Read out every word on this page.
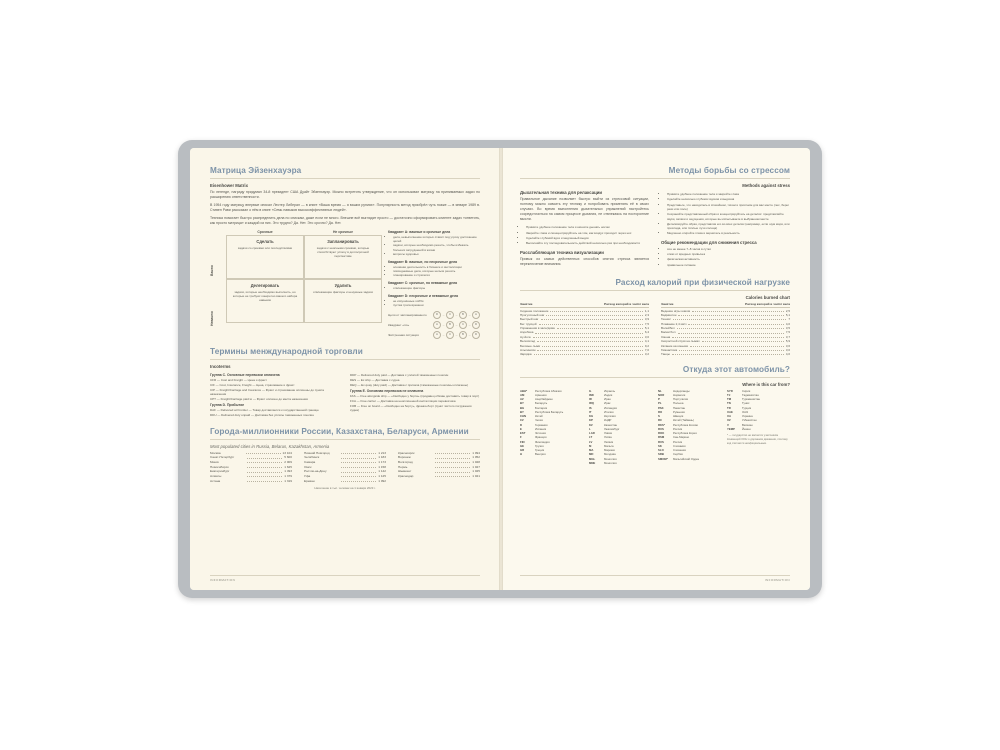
Матрица Эйзенхауэра
Eisenhower Matrix

По легенде, награду придумал 34-й президент США Дуайт Эйзенхауэр. Можно встретить утверждение, что он использовал матрицу на принимаемых задач по расширению ответственности.

В 1954 году матрицу впервые описал Лестер Либерал — в книге «Ваша время — я ваших рупиях». Популярность метод приобрёл чуть позже — в январе 1989 в. Стивен Рави рассказал о нём в книге «Семь навыков высокоэффективных людей».

Техника помогает быстро распределить дела по спискам, даже если не много. Внешне всё выглядит просто — достаточно сформировать клиенте задач «ответить, как просто матрица» и каждой из них. Это трудно? Да. Нет. Это срочно? Да. Нет.

Важно
Неважно
Срочные	Не срочные
Сделать
задачи со сроками или последствиями
Запланировать
задачи с неясными сроками, которые способствуют успеху в долгосрочной перспективе
Делегировать
задачи, которые необходимо выполнить, но которые не требуют конкретно вашего набора навыков
Удалить
отвлекающие факторы и ненужные задачи
Квадрант A: важные и срочные дела
• дела, невыполнение которых ставит под угрозу достижение целей
• задачи, которые необходимо решить, чтобы избежать больших затруднений в жизни
• вопросы здоровья
Квадрант B: важные, но несрочные дела
• основная деятельность в бизнесе и инсталляции
• повседневные дела, которые нельзя решить
• планирование и стратегия
Квадрант C: срочные, но неважные дела
• отвлекающие факторы
Квадрант D: несрочные и неважные дела
• не искушённые хобби
• пустая трата времени
Цели от запланированного	D	→	C	→	B	→	A
Квадрант «по»	A	→	B	→	C	→	D
Экстренная ситуация	A	→	C	→	B	→	D
Термины менждународной торговли
Incoterms
Группа C. Основные перевозки оплачена
CFR — Cost and Freight — Цена и фрахт
CIF — Cost, Insurance, Freight — Цена, страхование и фрахт
CIP — Freight/Carriage and Insurance — Фрахт и страхование оплачены до пункта назначения
CPT — Freight/Carriage paid to — Фрахт оплачен до места назначения
Группа D. Прибытие
DAF — Delivered at Frontier — Товар доставляется к государственной границе
DDU — Delivered duty unpaid — Доставка без уплаты таможенных пошлин
DDP — Delivered duty paid — Доставка с уплатой таможенных пошлин
DES — Ex ship — Доставка с судна
DEQ — Ex quay (duty paid) — Доставка с причала (таможенные пошлины оплачены)
Группа E. Основная перевозка не оплачена
FAS — Free alongside ship — «Свободно у борта» (продавец обязан доставить товар в порт)
FCA — Free carrier — Доставка на неоплаченной инсталляции перевозчика
FOB — Free on board — «Свободно на борту», франко-борт (пункт чистого погружения судна)
Города-миллионники России, Казахстана, Беларуси, Армении
Most populated cities in Russia, Belarus, Kazakhstan, Armenia
Москва	13 104
Санкт-Петербург	5 600
Минск	2 009
Новосибирск	1 625
Екатеринбург	1 493
Алматы	1 379
Астана	1 319
Нижний Новгород	1 213
Челябинск	1 183
Самара	1 173
Омск	1 158
Ростов-на-Дону	1 142
Уфа	1 125
Ереван	1 092
Красноярск	1 094
Воронеж	1 052
Волгоград	1 028
Пермь	1 027
Шымкент	1 025
Краснодар	1 021
Население в тыс. человек на 1 января 2023 г.
INFORMATION
Методы борьбы со стрессом
Methods against stress
Дыхательная техника для релаксации

Правильное дыхание позволяет быстро выйти из стрессовой ситуации, поэтому можно освоить эту технику и попробовать применять её в своих случаях. Во время выполнения дыхательных упражнений настройтесь сосредоточиться на самом процессе дыхания, не отвлекаясь на посторонние мысли.

• Примите удобное положение тела и начните дышать носом
• Закройте глаза и сконцентрируйтесь на том, как воздух проходит через нос
• Сделайте глубокий вдох и медленный выдох
• Выполняйте эту последовательность действий несколько раз при необходимости
Расслабляющая техника визуализации

Привык из самых действенных способов снятия стресса является переключение внимания.

• Примите удобное положение тела и закройте глаза
• Сделайте несколько глубоких вдохов и выдохов
• Представьте, что находитесь в спокойном, тихом и приятном для вас месте (лес, берег реки или поле)
• Сохраняйте представленный образ и концентрируйтесь на деталях: представляйте звуки, запахи и ощущения, которые вы испытываете в выбранном месте
• Детализируйте образ, представляя его во всех деталях (например, если шум моря, или прохлада, или тёплые лучи солнца)
• Медленно откройте глаза и вернитесь в реальность
Общие рекомендации для снижения стресса
• сон не менее 7–8 часов в сутки
• отказ от вредных привычек
• физическая активность
• правильное питание
Расход калорий при физической нагрузке
Calories burned chart
Занятие	Расход калорий в час/кг веса
Сидение положение	1,1
Прогулочный шаг	2,3
Быстрый шаг	3,9
Бег трусцой	7,5
Упражнения в зале/дома	5,1
Аэробика	6,4
Ау-йога	3,0
Велосипед	4,1
Беговые лыжи	9,2
Альпинизм	7,0
Зарядка	3,2
Занятие	Расход калорий в час/кг веса
Ведение игры шагом	2,5
Бадминтон	5,1
Теннис	7
Плавание 2,4 км/ч	4,0
Волейбол	3,5
Баскетбол	7,5
Смена	3,7
Скоростной спуск на лыжах	5,9
Катание на коньках	3,6
Гимнастика	3,0
Танцы	4,0
Откуда этот автомобиль?
Where is this car from?
ABH*	Республика Абхазия
AM	Армения
AZ	Азербайджан
BY	Беларусь
BG	Болгария
BY	Республика Беларусь
CHN	Китай
CZ	Чехия
D	Германия
E	Испания
EST	Эстония
F	Франция
FIN	Финляндия
GE	Грузия
GR	Греция
H	Венгрия
IL	Израиль
IND	Индия
IR	Иран
IRQ	Ирак
IS	Исландия
IT	Италия
KG	Киргизия
KP	КНДР
KZ	Казахстан
L	Люксембург
LAR	Ливия
LT	Литва
LV	Латвия
M	Мальта
MA	Марокко
MD	Молдова
MGL	Монголия
MNE	Монголия
NL	Нидерланды
NOR	Норвегия
P	Португалия
PL	Польша
PAK	Пакистан
RO	Румыния
S	Швеция
RC	Китай (Тайвань)
RKS*	Республика Косово
RUS	Россия
ROK	Республика Корея
RSM	Сан-Марино
RUS	Россия
SK	Словакия
SLO	Словения
SRB	Сербия
SMOM*	Мальтийский Орден
SYR	Сирия
TJ	Таджикистан
TM	Туркменистан
TN	Тунис
TR	Турция
UAE	ОАЭ
UA	Украина
UZ	Узбекистан
V	Ватикан
YEMP	Йемен
* — государство не является участником Конвенций ООН о дорожном движении, поэтому код считается неофициальным.
INFORMATION
